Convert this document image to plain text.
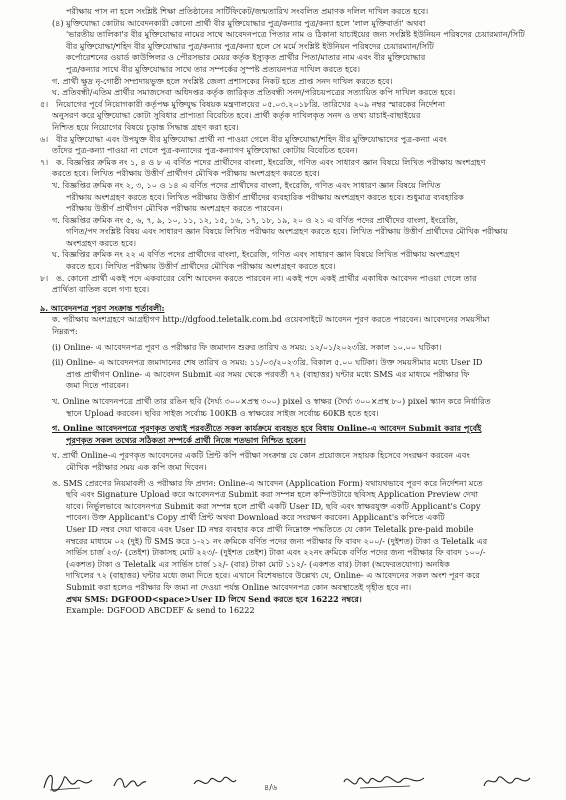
পরীক্ষায় পাস না হলে সংশ্লিষ্ট শিক্ষা প্রতিষ্ঠানের সার্টিফিকেট/জন্মতারিখ সংবলিত প্রমাণক দলিল দাখিল করতে হবে।
(৪) মুক্তিযোদ্ধা কোটায় আবেদনকারী কোনো প্রার্থী বীর মুক্তিযোদ্ধার পুত্র/কন্যার পুত্র/কন্যা হলে 'লাল মুক্তিবার্তা' অথবা
'ভারতীয় তালিকা'র বীর মুক্তিযোদ্ধার নামের সাথে আবেদনপত্রে পিতার নাম ও ঠিকানা যাচাইয়ের জন্য সংশ্লিষ্ট ইউনিয়ন পরিষদের চেয়ারম্যান/সিটি
বীর মুক্তিযোদ্ধা/শহিদ বীর মুক্তিযোদ্ধার পুত্র/কন্যার পুত্র/কন্যা হলে সে মর্মে সংশ্লিষ্ট ইউনিয়ন পরিষদের চেয়ারম্যান/সিটি
কর্পোরেশনের ওয়ার্ড কাউন্সিলর ও পৌরসভার মেয়র কর্তৃক ইস্যুকৃত প্রার্থীর পিতা/মাতার নাম এবং বীর মুক্তিযোদ্ধার
পুত্র/কন্যার সাথে বীর মুক্তিযোদ্ধার সাথে তার সম্পর্কের সুস্পষ্ট প্রত্যয়নপত্র দাখিল করতে হবে।
গ. প্রার্থী ক্ষুদ্র নৃ-গোষ্ঠী সম্প্রদায়ভুক্ত হলে সংশ্লিষ্ট জেলা প্রশাসকের নিকট হতে প্রাপ্ত সনদ দাখিল করতে হবে।
ঘ. প্রতিবন্ধী/এতিম প্রার্থীর সমাজসেবা অধিদপ্তর কর্তৃক জারিকৃত প্রতিবন্ধী সনদ/পরিচয়পত্রের সত্যায়িত কপি দাখিল করতে হবে।
৫। নিয়োগের পূর্বে নিয়োগকারী কর্তৃপক্ষ মুক্তিযুদ্ধ বিষয়ক মন্ত্রণালয়ের ০৫.০৩.২০১৮খ্রি. তারিখের ২০৯ নম্বর স্মারকের নির্দেশনা
অনুসরণ করে মুক্তিযোদ্ধা কোটা সুবিধার প্রাপ্যতা বিবেচিত হবে। প্রার্থী কর্তৃক দাখিলকৃত সনদ ও তথ্য যাচাই-বাছাইয়ের
নিশ্চিত হয়ে নিয়োগের বিষয়ে চূড়ান্ত সিদ্ধান্ত গ্রহণ করা হবে।
৬। বীর মুক্তিযোদ্ধা এবং উপযুক্ত বীর মুক্তিযোদ্ধা প্রার্থী না পাওয়া গেলে বীর মুক্তিযোদ্ধা/শহিদ বীর মুক্তিযোদ্ধাদের পুত্র-কন্যা এবং
তাঁদের পুত্র-কন্যা পাওয়া না গেলে পুত্র-কন্যাদের পুত্র-কন্যাগণ মুক্তিযোদ্ধা কোটায় বিবেচিত হবেন।
৭। ক. বিজ্ঞপ্তির ক্রমিক নং ১, ৪ ও ৮ এ বর্ণিত পদের প্রার্থীদের বাংলা, ইংরেজি, গণিত এবং সাধারণ জ্ঞান বিষয়ে লিখিত পরীক্ষায় অংশগ্রহণ
করতে হবে। লিখিত পরীক্ষায় উত্তীর্ণ প্রার্থীগণ মৌখিক পরীক্ষায় অংশগ্রহণ করতে হবে।
খ. বিজ্ঞপ্তির ক্রমিক নং ২, ৩, ১০ ও ১৪ এ বর্ণিত পদের প্রার্থীদের বাংলা, ইংরেজি, গণিত এবং সাধারণ জ্ঞান বিষয়ে লিখিত
পরীক্ষায় অংশগ্রহণ করতে হবে। লিখিত পরীক্ষায় উত্তীর্ণ প্রার্থীদের ব্যবহারিক পরীক্ষায় অংশগ্রহণ করতে হবে। শুধুমাত্র ব্যবহারিক
পরীক্ষায় উত্তীর্ণ প্রার্থীগণ মৌখিক পরীক্ষায় অংশগ্রহণ করতে পারবেন।
গ. বিজ্ঞপ্তির ক্রমিক নং ৫, ৬, ৭, ৯, ১০, ১১, ১২, ১৫, ১৬, ১৭, ১৮, ১৯, ২০ ও ২১ এ বর্ণিত পদের প্রার্থীদের বাংলা, ইংরেজি,
গণিত/পদ সংশ্লিষ্ট বিষয় এবং সাধারণ জ্ঞান বিষয়ে লিখিত পরীক্ষায় অংশগ্রহণ করতে হবে। লিখিত পরীক্ষায় উত্তীর্ণ প্রার্থীদের মৌখিক পরীক্ষায়
অংশগ্রহণ করতে হবে।
ঘ. বিজ্ঞপ্তির ক্রমিক নং ২২ এ বর্ণিত পদের প্রার্থীদের বাংলা, ইংরেজি, গণিত এবং সাধারণ জ্ঞান বিষয়ে লিখিত পরীক্ষায় অংশগ্রহণ
করতে হবে। লিখিত পরীক্ষায় উত্তীর্ণ প্রার্থীদের মৌখিক পরীক্ষায় অংশগ্রহণ করতে হবে।
৮। ঙ. কোনো প্রার্থী একই পদে একবারের বেশি আবেদন করতে পারবেন না। একই পদে একই প্রার্থীর একাধিক আবেদন পাওয়া গেলে তার
প্রার্থিতা বাতিল বলে গণ্য হবে।
৯. আবেদনপত্র পূরণ সংক্রান্ত শর্তাবলী:
ক. পরীক্ষায় অংশগ্রহণে আগ্রহীগণ http://dgfood.teletalk.com.bd ওয়েবসাইটে আবেদন পূরণ করতে পারবেন। আবেদনের সময়সীমা
নিম্নরূপ:
(i) Online- এ আবেদনপত্র পূরণ ও পরীক্ষার ফি জমাদান শুরুর তারিখ ও সময়: ১২/০১/২০২৩খ্রি. সকাল ১০.০০ ঘটিকা।
(ii) Online- এ আবেদনপত্র জমাদানের শেষ তারিখ ও সময়: ১১/০৩/২০২৩খ্রি. বিকাল ৫.০০ ঘটিকা। উক্ত সময়সীমার মধ্যে User ID
প্রাপ্ত প্রার্থীগণ Online- এ আবেদন Submit এর সময় থেকে পরবর্তী ৭২ (বাহাত্তর) ঘন্টার মধ্যে SMS এর মাধ্যমে পরীক্ষার ফি
জমা দিতে পারবেন।
খ. Online আবেদনপত্রে প্রার্থী তার রঙিন ছবি (দৈর্ঘ্য ৩০০×প্রস্থ ৩০০) pixel ও স্বাক্ষর (দৈর্ঘ্য ৩০০×প্রস্থ ৮০) pixel স্ক্যান করে নির্ধারিত
স্থানে Upload করবেন। ছবির সাইজ সর্বোচ্চ 100KB ও স্বাক্ষরের সাইজ সর্বোচ্চ 60KB হতে হবে।
গ. Online আবেদনপত্রে পূরণকৃত তথ্যই পরবর্তীতে সকল কার্যক্রমে ব্যবহৃত হবে বিধায় Online-এ আবেদন Submit করার পূর্বেই
পূরণকৃত সকল তথ্যের সঠিকতা সম্পর্কে প্রার্থী নিজে শতভাগ নিশ্চিত হবেন।
ঘ. প্রার্থী Online-এ পূরণকৃত আবেদনের একটি প্রিন্ট কপি পরীক্ষা সংক্রান্ত যে কোন প্রয়োজনে সহায়ক হিসেবে সংরক্ষণ করবেন এবং
মৌখিক পরীক্ষার সময় এক কপি জমা দিবেন।
ঙ. SMS প্রেরণের নিয়মাবলী ও পরীক্ষার ফি প্রদান: Online-এ আবেদন (Application Form) যথাযথভাবে পূরণ করে নির্দেশনা মতে
ছবি এবং Signature Upload করে আবেদনপত্র Submit করা সম্পন্ন হলে কম্পিউটারে ছবিসহ Application Preview দেখা
যাবে। নির্ভুলভাবে আবেদনপত্র Submit করা সম্পন্ন হলে প্রার্থী একটি User ID, ছবি এবং স্বাক্ষরযুক্ত একটি Applicant's Copy
পাবেন। উক্ত Applicant's Copy প্রার্থী প্রিন্ট অথবা Download করে সংরক্ষণ করবেন। Applicant's কপিতে একটি
User ID নম্বর দেয়া থাকবে এবং User ID নম্বর ব্যবহার করে প্রার্থী নিম্নোক্ত পদ্ধতিতে যে কোন Teletalk pre-paid mobile
নম্বরের মাধ্যমে ০২ (দুই) টি SMS করে ১-২১ নং ক্রমিকে বর্ণিত পদের জন্য পরীক্ষার ফি বাবদ ২০০/- (দুইশত) টাকা ও Teletalk এর
সার্ভিস চার্জ ২৩/- (তেইশ) টাকাসহ মোট ২২৩/- (দুইশত তেইশ) টাকা এবং ২২নং ক্রমিকে বর্ণিত পদের জন্য পরীক্ষার ফি বাবদ ১০০/-
(একশত) টাকা ও Teletalk এর সার্ভিস চার্জ ১২/- (বার) টাকা মোট ১১২/- (একশত বার) টাকা (অফেরতযোগ্য) অনধিক
দাখিলের ৭২ (বাহাত্তর) ঘন্টার মধ্যে জমা দিতে হবে। এখানে বিশেষভাবে উল্লেখ্য যে, Online- এ আবেদনের সকল অংশ পূরণ করে
Submit করা হলেও পরীক্ষার ফি জমা না দেওয়া পর্যন্ত Online আবেদনপত্র কোন অবস্থাতেই গৃহীত হবে না।
প্রথম SMS: DGFOOD<space>User ID লিখে Send করতে হবে 16222 নম্বরে।
Example: DGFOOD ABCDEF & send to 16222
৪/৬
